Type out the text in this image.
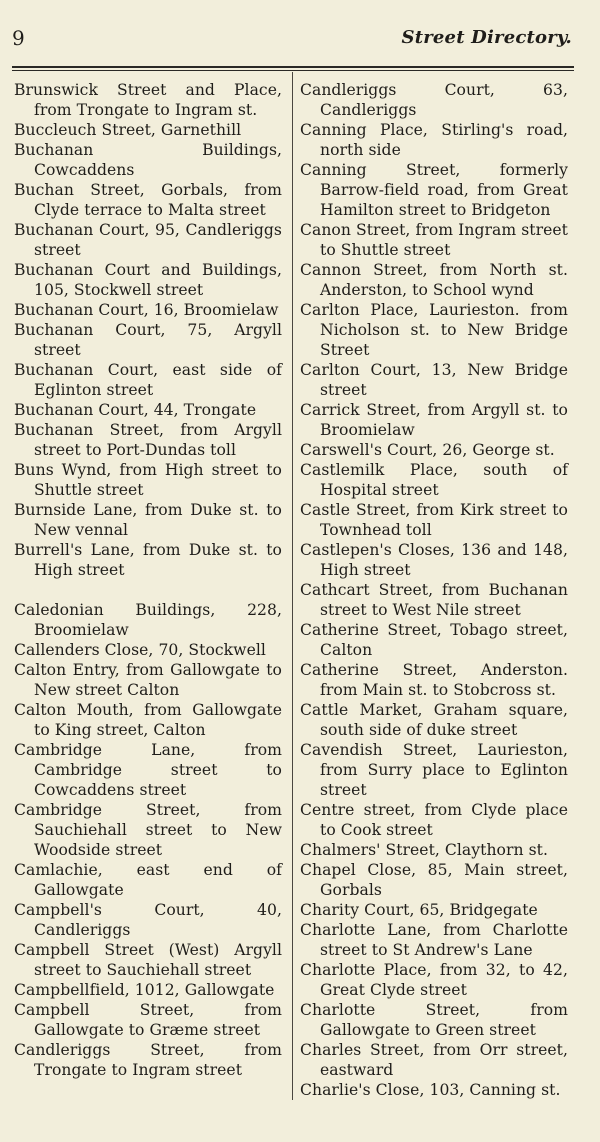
9	Street Directory.

Brunswick Street and Place, from Trongate to Ingram st.

Buccleuch Street, Garnethill

Buchanan Buildings, Cowcaddens

Buchan Street, Gorbals, from Clyde terrace to Malta street

Buchanan Court, 95, Candleriggs street

Buchanan Court and Buildings, 105, Stockwell street

Buchanan Court, 16, Broomielaw

Buchanan Court, 75, Argyll street

Buchanan Court, east side of Eglinton street

Buchanan Court, 44, Trongate

Buchanan Street, from Argyll street to Port-Dundas toll

Buns Wynd, from High street to Shuttle street

Burnside Lane, from Duke st. to New vennal

Burrell's Lane, from Duke st. to High street

Caledonian Buildings, 228, Broomielaw

Callenders Close, 70, Stockwell

Calton Entry, from Gallowgate to New street Calton

Calton Mouth, from Gallowgate to King street, Calton

Cambridge Lane, from Cambridge street to Cowcaddens street

Cambridge Street, from Sauchiehall street to New Woodside street

Camlachie, east end of Gallowgate

Campbell's Court, 40, Candleriggs

Campbell Street (West) Argyll street to Sauchiehall street

Campbellfield, 1012, Gallowgate

Campbell Street, from Gallowgate to Græme street

Candleriggs Street, from Trongate to Ingram street

Candleriggs Court, 63, Candleriggs

Canning Place, Stirling's road, north side

Canning Street, formerly Barrow-field road, from Great Hamilton street to Bridgeton

Canon Street, from Ingram street to Shuttle street

Cannon Street, from North st. Anderston, to School wynd

Carlton Place, Laurieston. from Nicholson st. to New Bridge Street

Carlton Court, 13, New Bridge street

Carrick Street, from Argyll st. to Broomielaw

Carswell's Court, 26, George st.

Castlemilk Place, south of Hospital street

Castle Street, from Kirk street to Townhead toll

Castlepen's Closes, 136 and 148, High street

Cathcart Street, from Buchanan street to West Nile street

Catherine Street, Tobago street, Calton

Catherine Street, Anderston. from Main st. to Stobcross st.

Cattle Market, Graham square, south side of duke street

Cavendish Street, Laurieston, from Surry place to Eglinton street

Centre street, from Clyde place to Cook street

Chalmers' Street, Claythorn st.

Chapel Close, 85, Main street, Gorbals

Charity Court, 65, Bridgegate

Charlotte Lane, from Charlotte street to St Andrew's Lane

Charlotte Place, from 32, to 42, Great Clyde street

Charlotte Street, from Gallowgate to Green street

Charles Street, from Orr street, eastward

Charlie's Close, 103, Canning st.
